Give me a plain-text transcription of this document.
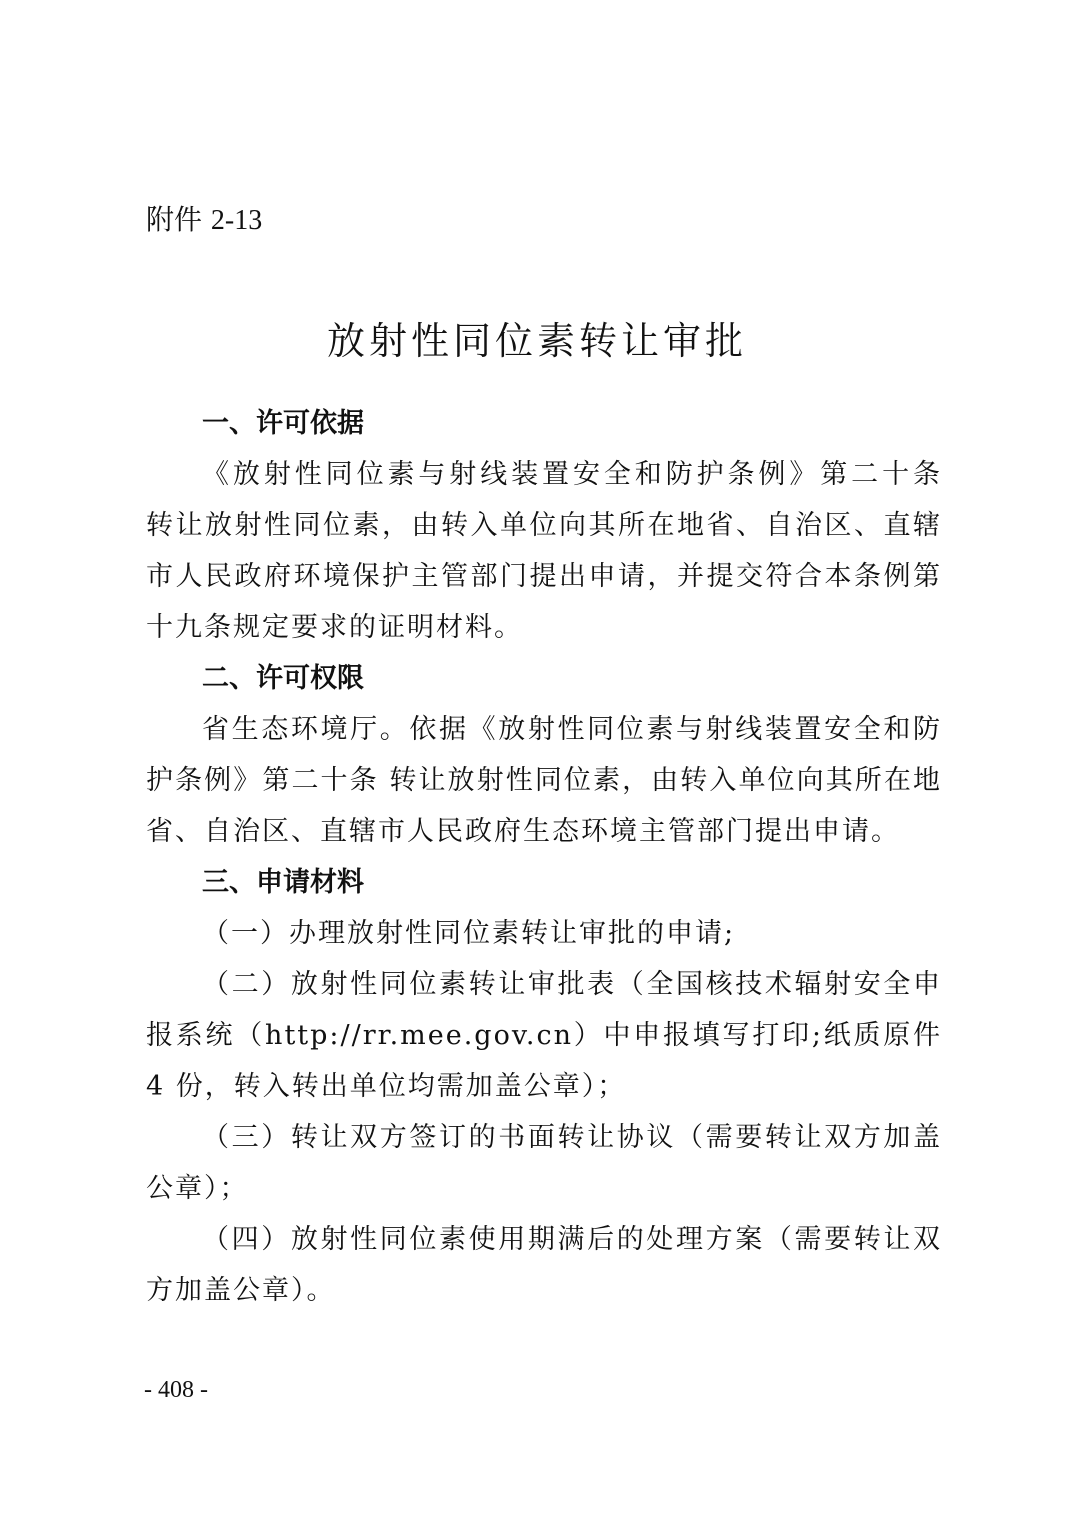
附件 2-13
放射性同位素转让审批
一、许可依据

《放射性同位素与射线装置安全和防护条例》第二十条　转让放射性同位素，由转入单位向其所在地省、自治区、直辖市人民政府环境保护主管部门提出申请，并提交符合本条例第十九条规定要求的证明材料。

二、许可权限

省生态环境厅。依据《放射性同位素与射线装置安全和防护条例》第二十条 转让放射性同位素，由转入单位向其所在地省、自治区、直辖市人民政府生态环境主管部门提出申请。

三、申请材料

（一）办理放射性同位素转让审批的申请;

（二）放射性同位素转让审批表（全国核技术辐射安全申报系统（http://rr.mee.gov.cn）中申报填写打印;纸质原件 4 份，转入转出单位均需加盖公章）；

（三）转让双方签订的书面转让协议（需要转让双方加盖公章）；

（四）放射性同位素使用期满后的处理方案（需要转让双方加盖公章）。

- 408 -
